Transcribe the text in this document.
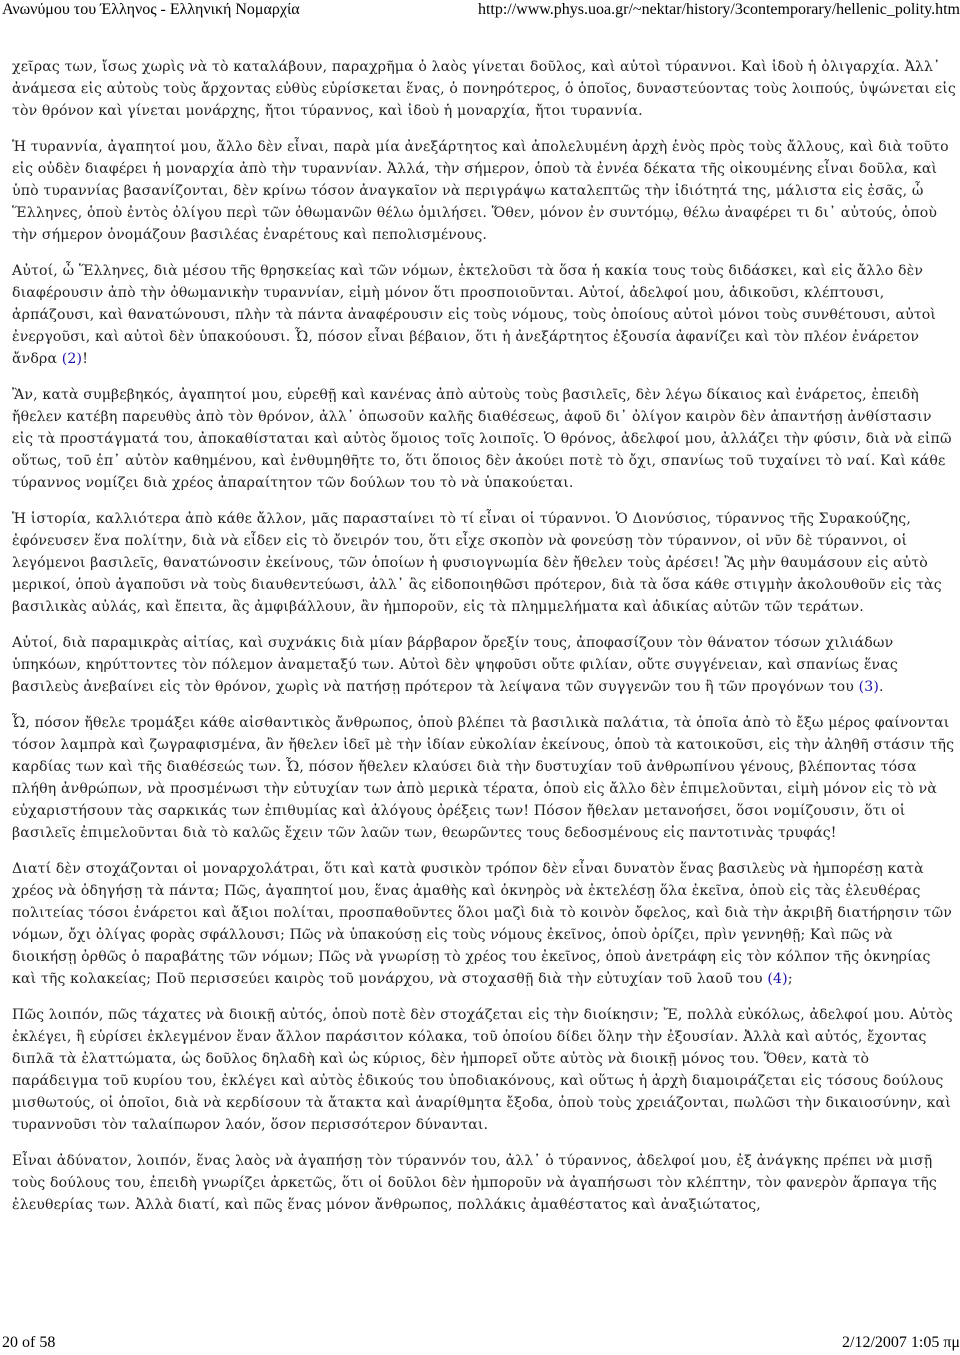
Ανωνύμου του Έλληνος - Ελληνική Νομαρχία	http://www.phys.uoa.gr/~nektar/history/3contemporary/hellenic_polity.htm

χεῖρας των, ἴσως χωρὶς νὰ τὸ καταλάβουν, παραχρῆμα ὁ λαὸς γίνεται δοῦλος, καὶ αὐτοὶ τύραννοι. Καὶ ἰδοὺ ἡ ὀλιγαρχία. Ἀλλ᾽ ἀνάμεσα εἰς αὐτοὺς τοὺς ἄρχοντας εὐθὺς εὑρίσκεται ἕνας, ὁ πονηρότερος, ὁ ὁποῖος, δυναστεύοντας τοὺς λοιπούς, ὑψώνεται εἰς τὸν θρόνον καὶ γίνεται μονάρχης, ἤτοι τύραννος, καὶ ἰδοὺ ἡ μοναρχία, ἤτοι τυραννία.

Ἡ τυραννία, ἀγαπητοί μου, ἄλλο δὲν εἶναι, παρὰ μία ἀνεξάρτητος καὶ ἀπολελυμένη ἀρχὴ ἑνὸς πρὸς τοὺς ἄλλους, καὶ διὰ τοῦτο εἰς οὐδὲν διαφέρει ἡ μοναρχία ἀπὸ τὴν τυραννίαν. Ἀλλά, τὴν σήμερον, ὁποὺ τὰ ἐννέα δέκατα τῆς οἰκουμένης εἶναι δοῦλα, καὶ ὑπὸ τυραννίας βασανίζονται, δὲν κρίνω τόσον ἀναγκαῖον νὰ περιγράψω καταλεπτῶς τὴν ἰδιότητά της, μάλιστα εἰς ἐσᾶς, ὦ Ἕλληνες, ὁποὺ ἐντὸς ὀλίγου περὶ τῶν ὀθωμανῶν θέλω ὁμιλήσει. Ὅθεν, μόνον ἐν συντόμῳ, θέλω ἀναφέρει τι δι᾽ αὐτούς, ὁποὺ τὴν σήμερον ὀνομάζουν βασιλέας ἐναρέτους καὶ πεπολισμένους.

Αὐτοί, ὦ Ἕλληνες, διὰ μέσου τῆς θρησκείας καὶ τῶν νόμων, ἐκτελοῦσι τὰ ὅσα ἡ κακία τους τοὺς διδάσκει, καὶ εἰς ἄλλο δὲν διαφέρουσιν ἀπὸ τὴν ὀθωμανικὴν τυραννίαν, εἰμὴ μόνον ὅτι προσποιοῦνται. Αὐτοί, ἀδελφοί μου, ἀδικοῦσι, κλέπτουσι, ἁρπάζουσι, καὶ θανατώνουσι, πλὴν τὰ πάντα ἀναφέρουσιν εἰς τοὺς νόμους, τοὺς ὁποίους αὐτοὶ μόνοι τοὺς συνθέτουσι, αὐτοὶ ἐνεργοῦσι, καὶ αὐτοὶ δὲν ὑπακούουσι. Ὦ, πόσον εἶναι βέβαιον, ὅτι ἡ ἀνεξάρτητος ἐξουσία ἀφανίζει καὶ τὸν πλέον ἐνάρετον ἄνδρα (2)!

Ἂν, κατὰ συμβεβηκός, ἀγαπητοί μου, εὑρεθῇ καὶ κανένας ἀπὸ αὐτοὺς τοὺς βασιλεῖς, δὲν λέγω δίκαιος καὶ ἐνάρετος, ἐπειδὴ ἤθελεν κατέβη παρευθὺς ἀπὸ τὸν θρόνον, ἀλλ᾽ ὁπωσοῦν καλῆς διαθέσεως, ἀφοῦ δι᾽ ὀλίγον καιρὸν δὲν ἀπαντήσῃ ἀνθίστασιν εἰς τὰ προστάγματά του, ἀποκαθίσταται καὶ αὐτὸς ὅμοιος τοῖς λοιποῖς. Ὁ θρόνος, ἀδελφοί μου, ἀλλάζει τὴν φύσιν, διὰ νὰ εἰπῶ οὕτως, τοῦ ἐπ᾽ αὐτὸν καθημένου, καὶ ἐνθυμηθῆτε το, ὅτι ὅποιος δὲν ἀκούει ποτὲ τὸ ὄχι, σπανίως τοῦ τυχαίνει τὸ ναί. Καὶ κάθε τύραννος νομίζει διὰ χρέος ἀπαραίτητον τῶν δούλων του τὸ νὰ ὑπακούεται.

Ἡ ἱστορία, καλλιότερα ἀπὸ κάθε ἄλλον, μᾶς παρασταίνει τὸ τί εἶναι οἱ τύραννοι. Ὁ Διονύσιος, τύραννος τῆς Συρακούζης, ἐφόνευσεν ἕνα πολίτην, διὰ νὰ εἶδεν εἰς τὸ ὄνειρόν του, ὅτι εἶχε σκοπὸν νὰ φονεύσῃ τὸν τύραννον, οἱ νῦν δὲ τύραννοι, οἱ λεγόμενοι βασιλεῖς, θανατώνοσιν ἐκείνους, τῶν ὁποίων ἡ φυσιογνωμία δὲν ἤθελεν τοὺς ἀρέσει! Ἂς μὴν θαυμάσουν εἰς αὐτὸ μερικοί, ὁποὺ ἀγαποῦσι νὰ τοὺς διαυθεντεύωσι, ἀλλ᾽ ἂς εἰδοποιηθῶσι πρότερον, διὰ τὰ ὅσα κάθε στιγμὴν ἀκολουθοῦν εἰς τὰς βασιλικὰς αὐλάς, καὶ ἔπειτα, ἂς ἀμφιβάλλουν, ἂν ἠμποροῦν, εἰς τὰ πλημμελήματα καὶ ἀδικίας αὐτῶν τῶν τεράτων.

Αὐτοί, διὰ παραμικρὰς αἰτίας, καὶ συχνάκις διὰ μίαν βάρβαρον ὄρεξίν τους, ἀποφασίζουν τὸν θάνατον τόσων χιλιάδων ὑπηκόων, κηρύττοντες τὸν πόλεμον ἀναμεταξύ των. Αὐτοὶ δὲν ψηφοῦσι οὔτε φιλίαν, οὔτε συγγένειαν, καὶ σπανίως ἕνας βασιλεὺς ἀνεβαίνει εἰς τὸν θρόνον, χωρὶς νὰ πατήσῃ πρότερον τὰ λείψανα τῶν συγγενῶν του ἢ τῶν προγόνων του (3).

Ὦ, πόσον ἤθελε τρομάξει κάθε αἰσθαντικὸς ἄνθρωπος, ὁποὺ βλέπει τὰ βασιλικὰ παλάτια, τὰ ὁποῖα ἀπὸ τὸ ἔξω μέρος φαίνονται τόσον λαμπρὰ καὶ ζωγραφισμένα, ἂν ἤθελεν ἰδεῖ μὲ τὴν ἰδίαν εὐκολίαν ἐκείνους, ὁποὺ τὰ κατοικοῦσι, εἰς τὴν ἀληθῆ στάσιν τῆς καρδίας των καὶ τῆς διαθέσεώς των. Ὦ, πόσον ἤθελεν κλαύσει διὰ τὴν δυστυχίαν τοῦ ἀνθρωπίνου γένους, βλέποντας τόσα πλήθη ἀνθρώπων, νὰ προσμένωσι τὴν εὐτυχίαν των ἀπὸ μερικὰ τέρατα, ὁποὺ εἰς ἄλλο δὲν ἐπιμελοῦνται, εἰμὴ μόνον εἰς τὸ νὰ εὐχαριστήσουν τὰς σαρκικάς των ἐπιθυμίας καὶ ἀλόγους ὀρέξεις των! Πόσον ἤθελαν μετανοήσει, ὅσοι νομίζουσιν, ὅτι οἱ βασιλεῖς ἐπιμελοῦνται διὰ τὸ καλῶς ἔχειν τῶν λαῶν των, θεωρῶντες τους δεδοσμένους εἰς παντοτινὰς τρυφάς!

Διατί δὲν στοχάζονται οἱ μοναρχολάτραι, ὅτι καὶ κατὰ φυσικὸν τρόπον δὲν εἶναι δυνατὸν ἕνας βασιλεὺς νὰ ἠμπορέσῃ κατὰ χρέος νὰ ὁδηγήσῃ τὰ πάντα; Πῶς, ἀγαπητοί μου, ἕνας ἀμαθὴς καὶ ὀκνηρὸς νὰ ἐκτελέσῃ ὅλα ἐκεῖνα, ὁποὺ εἰς τὰς ἐλευθέρας πολιτείας τόσοι ἐνάρετοι καὶ ἄξιοι πολίται, προσπαθοῦντες ὅλοι μαζὶ διὰ τὸ κοινὸν ὄφελος, καὶ διὰ τὴν ἀκριβῆ διατήρησιν τῶν νόμων, ὄχι ὀλίγας φορὰς σφάλλουσι; Πῶς νὰ ὑπακούσῃ εἰς τοὺς νόμους ἐκεῖνος, ὁποὺ ὀρίζει, πρὶν γεννηθῇ; Καὶ πῶς νὰ διοικήσῃ ὀρθῶς ὁ παραβάτης τῶν νόμων; Πῶς νὰ γνωρίσῃ τὸ χρέος του ἐκεῖνος, ὁποὺ ἀνετράφη εἰς τὸν κόλπον τῆς ὀκνηρίας καὶ τῆς κολακείας; Ποῦ περισσεύει καιρὸς τοῦ μονάρχου, νὰ στοχασθῇ διὰ τὴν εὐτυχίαν τοῦ λαοῦ του (4);

Πῶς λοιπόν, πῶς τάχατες νὰ διοικῇ αὐτός, ὁποὺ ποτὲ δὲν στοχάζεται εἰς τὴν διοίκησιν; Ἔ, πολλὰ εὐκόλως, ἀδελφοί μου. Αὐτὸς ἐκλέγει, ἢ εὑρίσει ἐκλεγμένον ἕναν ἄλλον παράσιτον κόλακα, τοῦ ὁποίου δίδει ὅλην τὴν ἐξουσίαν. Ἀλλὰ καὶ αὐτός, ἔχοντας διπλᾶ τὰ ἐλαττώματα, ὡς δοῦλος δηλαδὴ καὶ ὡς κύριος, δὲν ἠμπορεῖ οὔτε αὐτὸς νὰ διοικῇ μόνος του. Ὅθεν, κατὰ τὸ παράδειγμα τοῦ κυρίου του, ἐκλέγει καὶ αὐτὸς ἐδικούς του ὑποδιακόνους, καὶ οὕτως ἡ ἀρχὴ διαμοιράζεται εἰς τόσους δούλους μισθωτούς, οἱ ὁποῖοι, διὰ νὰ κερδίσουν τὰ ἄτακτα καὶ ἀναρίθμητα ἔξοδα, ὁποὺ τοὺς χρειάζονται, πωλῶσι τὴν δικαιοσύνην, καὶ τυραννοῦσι τὸν ταλαίπωρον λαόν, ὅσον περισσότερον δύνανται.

Εἶναι ἀδύνατον, λοιπόν, ἕνας λαὸς νὰ ἀγαπήσῃ τὸν τύραννόν του, ἀλλ᾽ ὁ τύραννος, ἀδελφοί μου, ἐξ ἀνάγκης πρέπει νὰ μισῇ τοὺς δούλους του, ἐπειδὴ γνωρίζει ἀρκετῶς, ὅτι οἱ δοῦλοι δὲν ἠμποροῦν νὰ ἀγαπήσωσι τὸν κλέπτην, τὸν φανερὸν ἅρπαγα τῆς ἐλευθερίας των. Ἀλλὰ διατί, καὶ πῶς ἕνας μόνον ἄνθρωπος, πολλάκις ἀμαθέστατος καὶ ἀναξιώτατος,

20 of 58	2/12/2007 1:05 πμ
